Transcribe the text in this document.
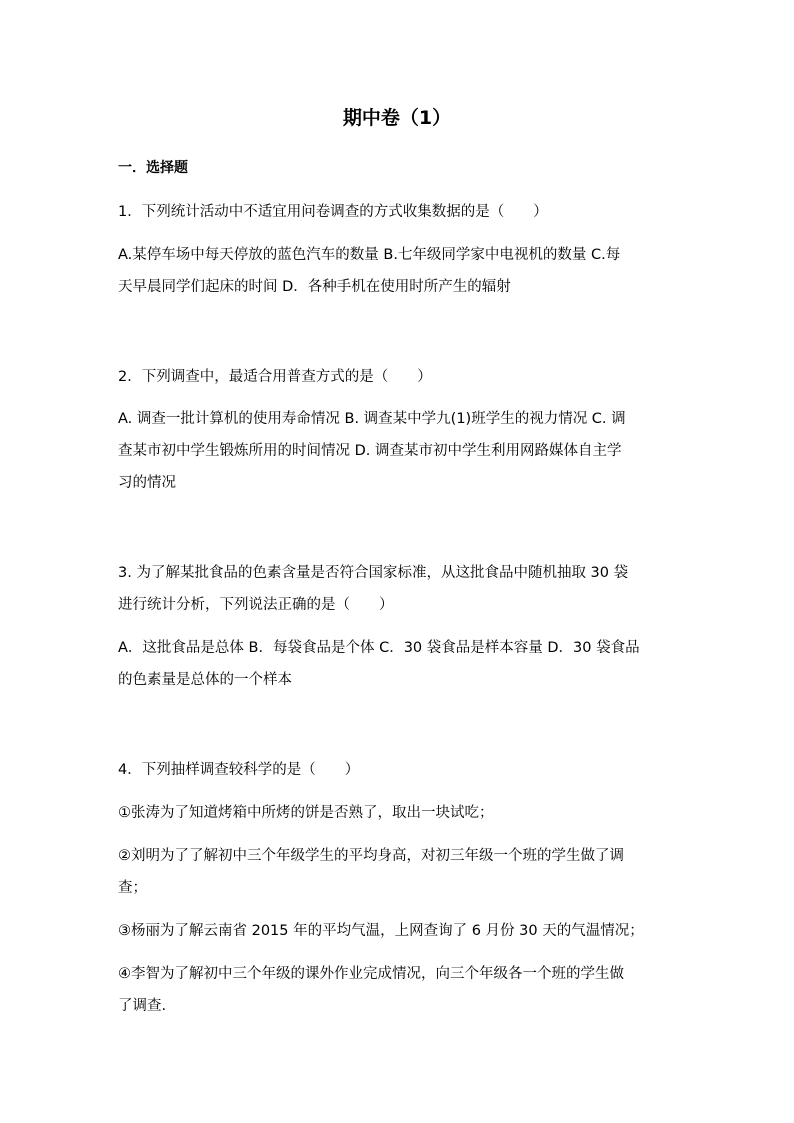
期中卷（1）
一．选择题
1．下列统计活动中不适宜用问卷调查的方式收集数据的是（　　）
A.某停车场中每天停放的蓝色汽车的数量 B.七年级同学家中电视机的数量 C.每
天早晨同学们起床的时间 D．各种手机在使用时所产生的辐射
2．下列调查中，最适合用普查方式的是（　　）
A. 调查一批计算机的使用寿命情况 B. 调查某中学九(1)班学生的视力情况 C. 调
查某市初中学生锻炼所用的时间情况 D. 调查某市初中学生利用网路媒体自主学
习的情况
3. 为了解某批食品的色素含量是否符合国家标准，从这批食品中随机抽取 30 袋
进行统计分析，下列说法正确的是（　　）
A．这批食品是总体 B．每袋食品是个体 C．30 袋食品是样本容量 D．30 袋食品
的色素量是总体的一个样本
4．下列抽样调查较科学的是（　　）
①张涛为了知道烤箱中所烤的饼是否熟了，取出一块试吃；
②刘明为了了解初中三个年级学生的平均身高，对初三年级一个班的学生做了调
查；
③杨丽为了解云南省 2015 年的平均气温，上网查询了 6 月份 30 天的气温情况；
④李智为了解初中三个年级的课外作业完成情况，向三个年级各一个班的学生做
了调查.
